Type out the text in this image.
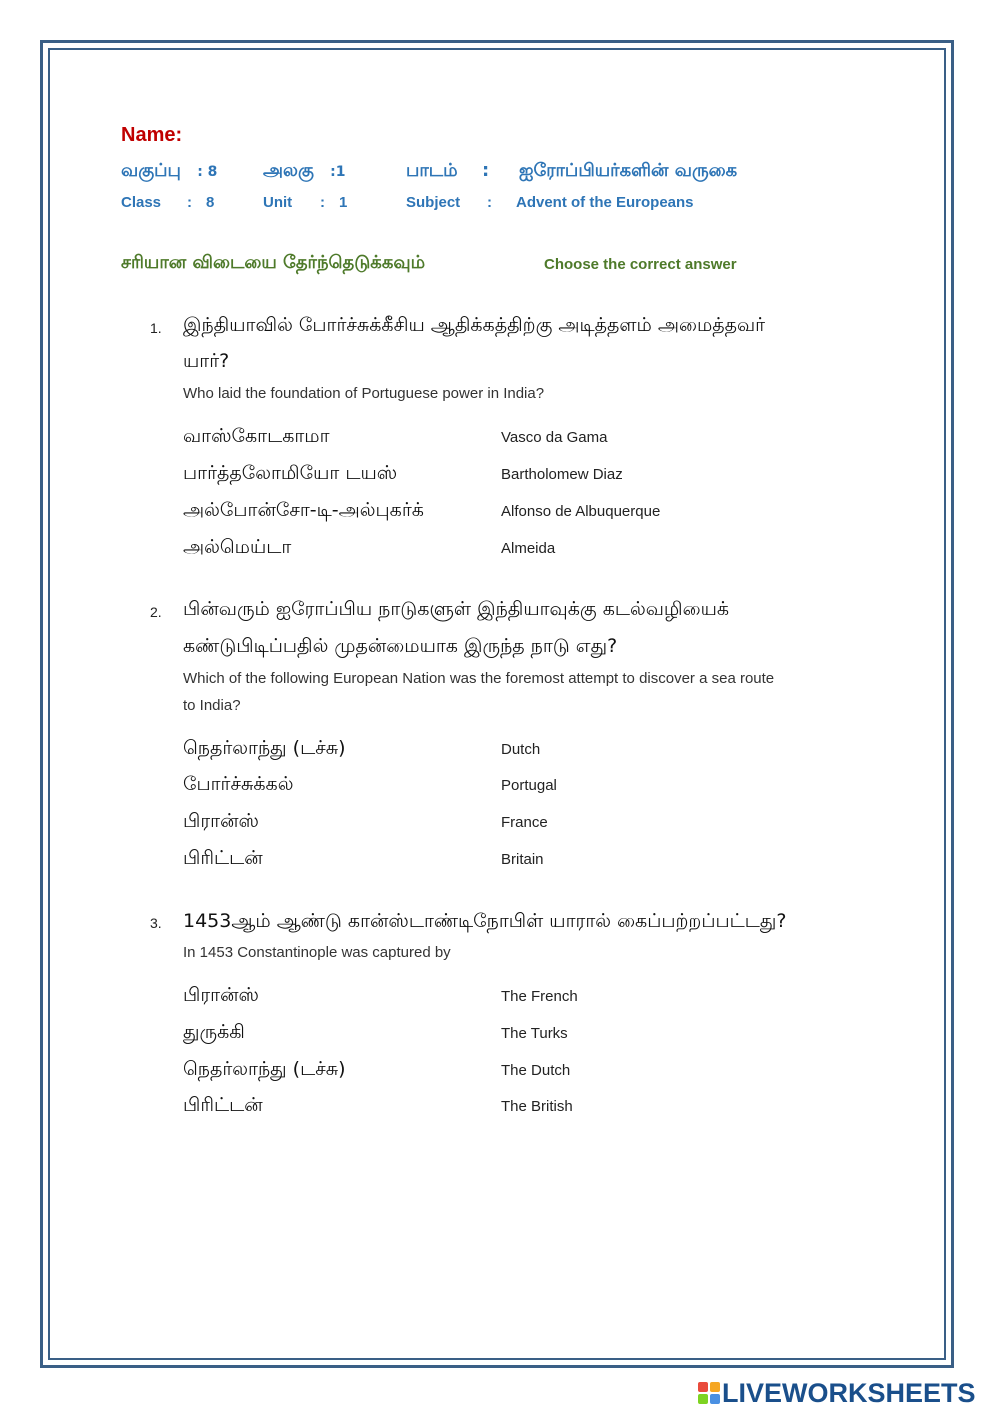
Name:
வகுப்பு : 8	அலகு :1	பாடம் : ஐரோப்பியர்களின் வருகை
Class : 8	Unit : 1	Subject : Advent of the Europeans
சரியான விடையை தேர்ந்தெடுக்கவும்	Choose the correct answer
1. இந்தியாவில் போர்ச்சுக்கீசிய ஆதிக்கத்திற்கு அடித்தளம் அமைத்தவர்
யார்?
Who laid the foundation of Portuguese power in India?
வாஸ்கோடகாமா	Vasco da Gama
பார்த்தலோமியோ டயஸ்	Bartholomew Diaz
அல்போன்சோ-டி-அல்புகர்க்	Alfonso de Albuquerque
அல்மெய்டா	Almeida
2. பின்வரும் ஐரோப்பிய நாடுகளுள் இந்தியாவுக்கு கடல்வழியைக்
கண்டுபிடிப்பதில் முதன்மையாக இருந்த நாடு எது?
Which of the following European Nation was the foremost attempt to discover a sea route
to India?
நெதர்லாந்து (டச்சு)	Dutch
போர்ச்சுக்கல்	Portugal
பிரான்ஸ்	France
பிரிட்டன்	Britain
3. 1453ஆம் ஆண்டு கான்ஸ்டாண்டிநோபிள் யாரால் கைப்பற்றப்பட்டது?
In 1453 Constantinople was captured by
பிரான்ஸ்	The French
துருக்கி	The Turks
நெதர்லாந்து (டச்சு)	The Dutch
பிரிட்டன்	The British
LIVEWORKSHEETS
